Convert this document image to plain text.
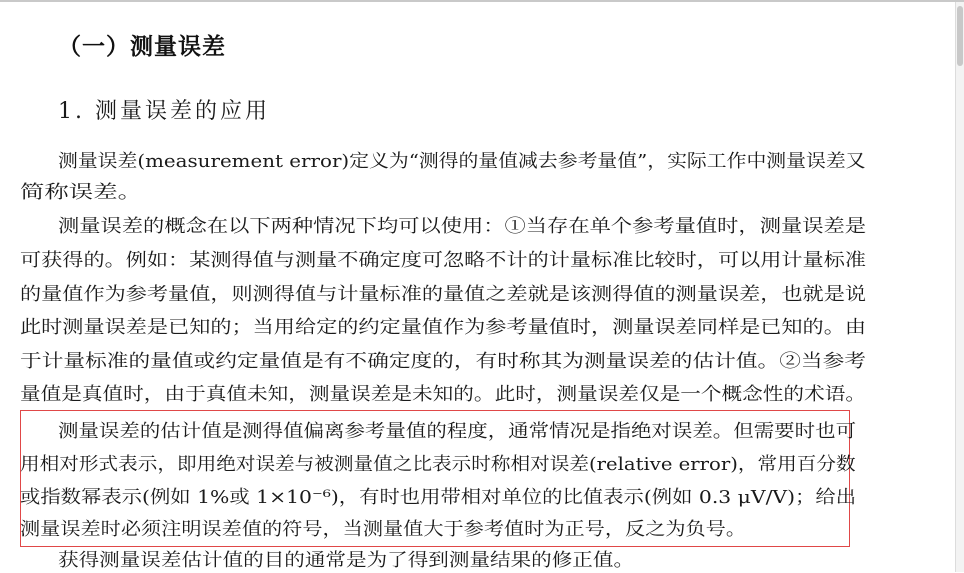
（一）测量误差
1. 测量误差的应用
测量误差(measurement error)定义为“测得的量值减去参考量值”，实际工作中测量误差又
简称误差。
测量误差的概念在以下两种情况下均可以使用：①当存在单个参考量值时，测量误差是
可获得的。例如：某测得值与测量不确定度可忽略不计的计量标准比较时，可以用计量标准
的量值作为参考量值，则测得值与计量标准的量值之差就是该测得值的测量误差，也就是说
此时测量误差是已知的；当用给定的约定量值作为参考量值时，测量误差同样是已知的。由
于计量标准的量值或约定量值是有不确定度的，有时称其为测量误差的估计值。②当参考
量值是真值时，由于真值未知，测量误差是未知的。此时，测量误差仅是一个概念性的术语。
测量误差的估计值是测得值偏离参考量值的程度，通常情况是指绝对误差。但需要时也可
用相对形式表示，即用绝对误差与被测量值之比表示时称相对误差(relative error)，常用百分数
或指数幂表示(例如 1%或 1×10⁻⁶)，有时也用带相对单位的比值表示(例如 0.3 μV/V)；给出
测量误差时必须注明误差值的符号，当测量值大于参考值时为正号，反之为负号。
获得测量误差估计值的目的通常是为了得到测量结果的修正值。
